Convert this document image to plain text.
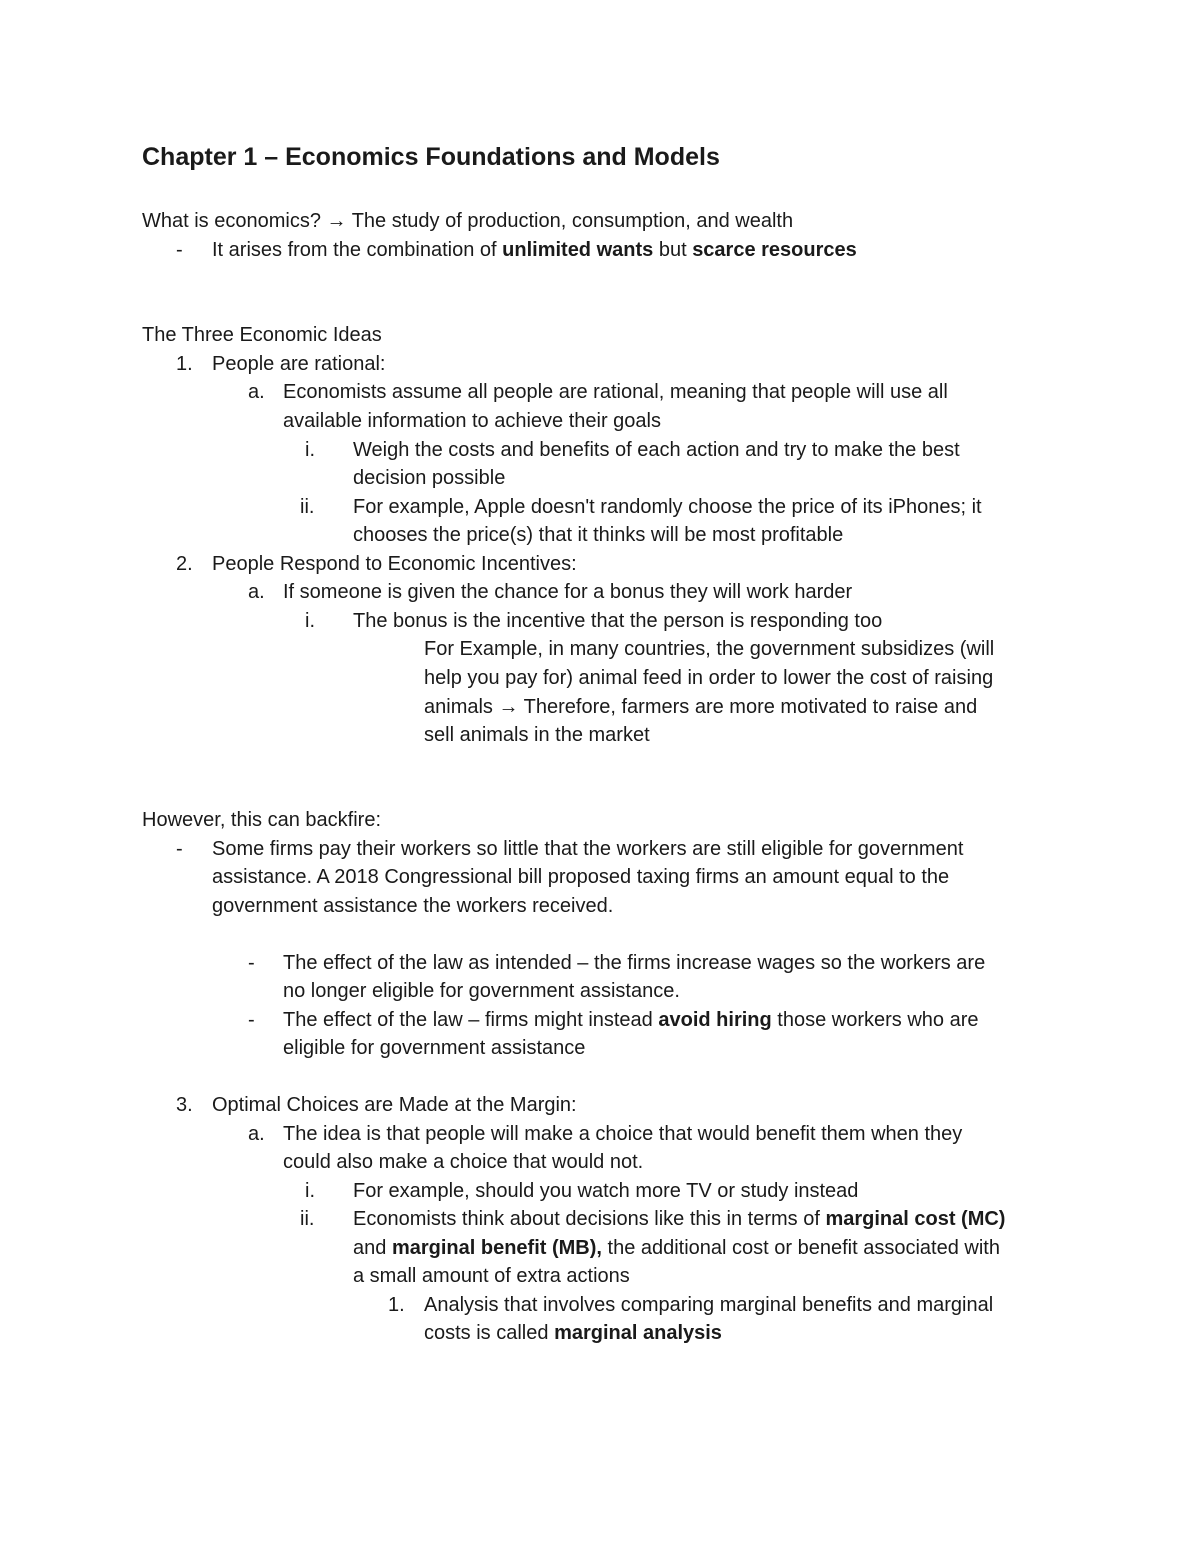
Chapter 1 – Economics Foundations and Models
What is economics? → The study of production, consumption, and wealth
- It arises from the combination of unlimited wants but scarce resources
The Three Economic Ideas
1. People are rational:
a. Economists assume all people are rational, meaning that people will use all
available information to achieve their goals
i. Weigh the costs and benefits of each action and try to make the best
decision possible
ii. For example, Apple doesn't randomly choose the price of its iPhones; it
chooses the price(s) that it thinks will be most profitable
2. People Respond to Economic Incentives:
a. If someone is given the chance for a bonus they will work harder
i. The bonus is the incentive that the person is responding too
For Example, in many countries, the government subsidizes (will
help you pay for) animal feed in order to lower the cost of raising
animals → Therefore, farmers are more motivated to raise and
sell animals in the market
However, this can backfire:
- Some firms pay their workers so little that the workers are still eligible for government
assistance. A 2018 Congressional bill proposed taxing firms an amount equal to the
government assistance the workers received.
- The effect of the law as intended – the firms increase wages so the workers are
no longer eligible for government assistance.
- The effect of the law – firms might instead avoid hiring those workers who are
eligible for government assistance
3. Optimal Choices are Made at the Margin:
a. The idea is that people will make a choice that would benefit them when they
could also make a choice that would not.
i. For example, should you watch more TV or study instead
ii. Economists think about decisions like this in terms of marginal cost (MC)
and marginal benefit (MB), the additional cost or benefit associated with
a small amount of extra actions
1. Analysis that involves comparing marginal benefits and marginal
costs is called marginal analysis
